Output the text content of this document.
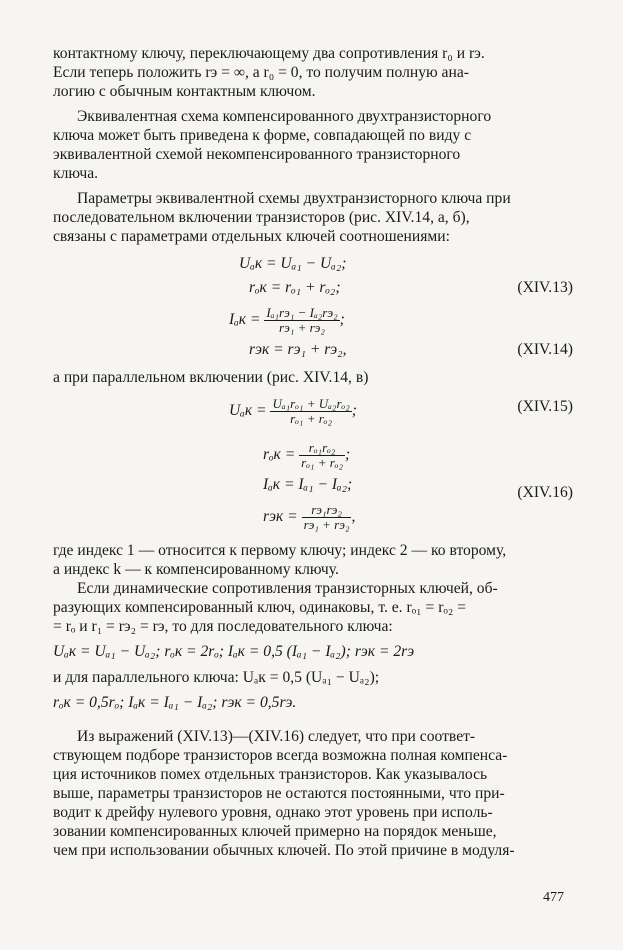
контактному ключу, переключающему два сопротивления r₀ и rэ.
Если теперь положить rэ = ∞, а r₀ = 0, то получим полную ана-
логию с обычным контактным ключом.

Эквивалентная схема компенсированного двухтранзисторного
ключа может быть приведена к форме, совпадающей по виду с
эквивалентной схемой некомпенсированного транзисторного
ключа.

Параметры эквивалентной схемы двухтранзисторного ключа при
последовательном включении транзисторов (рис. XIV.14, а, б),
связаны с параметрами отдельных ключей соотношениями:

Uₐк = Uₐ₁ − Uₐ₂;
rₒк = rₒ₁ + rₒ₂;	(XIV.13)
$I_aк = \frac{\text{Iₐ₁rэ₁ − Iₐ₂rэ₂}}{\text{rэ₁ + rэ₂}}$ ;
rэк = rэ₁ + rэ₂,	(XIV.14)

а при параллельном включении (рис. XIV.14, в)

$U_aк = \frac{\text{Uₐ₁rₒ₁ + Uₐ₂rₒ₂}}{\text{rₒ₁ + rₒ₂}}$ ;	(XIV.15)
$r_oк = \frac{\text{rₒ₁rₒ₂}}{\text{rₒ₁ + rₒ₂}}$ ;
Iₐк = Iₐ₁ − Iₐ₂;
rэк = $\frac{\text{rэ₁rэ₂}}{\text{rэ₁ + rэ₂}}$ ,
(XIV.16)

где индекс 1 — относится к первому ключу; индекс 2 — ко второму,
а индекс k — к компенсированному ключу.

Если динамические сопротивления транзисторных ключей, об-
разующих компенсированный ключ, одинаковы, т. е. rₒ₁ = rₒ₂ =
= rₒ и r₁ = rэ₂ = rэ, то для последовательного ключа:

Uₐк = Uₐ₁ − Uₐ₂; rₒк = 2rₒ; Iₐк = 0,5 (Iₐ₁ − Iₐ₂); rэк = 2rэ

и для параллельного ключа: Uₐк = 0,5 (Uₐ₁ − Uₐ₂);

rₒк = 0,5rₒ; Iₐк = Iₐ₁ − Iₐ₂; rэк = 0,5rэ.

Из выражений (XIV.13)—(XIV.16) следует, что при соответ-
ствующем подборе транзисторов всегда возможна полная компенса-
ция источников помех отдельных транзисторов. Как указывалось
выше, параметры транзисторов не остаются постоянными, что при-
водит к дрейфу нулевого уровня, однако этот уровень при исполь-
зовании компенсированных ключей примерно на порядок меньше,
чем при использовании обычных ключей. По этой причине в модуля-

477
